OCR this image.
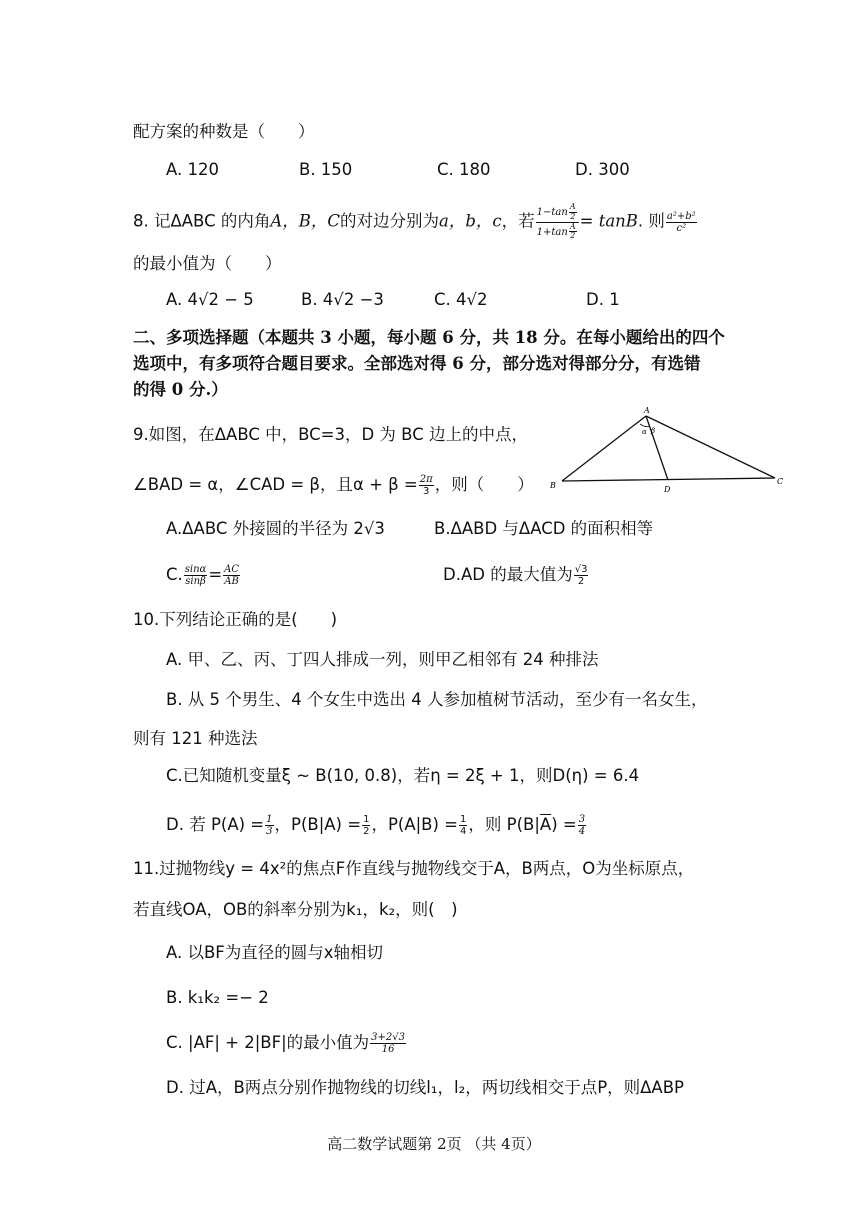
配方案的种数是（　　）
A. 120	B. 150	C. 180	D. 300
8. 记ΔABC 的内角A，B，C的对边分别为a，b，c，若 $\frac{1-\tan \frac{A}{2}}{1+\tan \frac{A}{2}} = \tan B$. 则 $\frac{\text{a²+b²}}{\text{c²}}$
的最小值为（　　）
A. 4√2 − 5	B. 4√2 −3	C. 4√2	D. 1
二、多项选择题（本题共 3 小题，每小题 6 分，共 18 分。在每小题给出的四个
选项中，有多项符合题目要求。全部选对得 6 分，部分选对得部分分，有选错
的得 0 分.）
9.如图，在ΔABC 中，BC=3，D 为 BC 边上的中点，
∠BAD = α，∠CAD = β，且$\alpha + \beta = \frac{2\pi}{3}$ ，则（　　）
A
B	C
D
α β
A.ΔABC 外接圆的半径为 2√3	B.ΔABD 与ΔACD 的面积相等
C. $\frac{\sin\alpha}{\sin\beta} = \frac{AC}{AB}$	D.AD 的最大值为 $\frac{√3}{2}$
10.下列结论正确的是(　　)
A. 甲、乙、丙、丁四人排成一列，则甲乙相邻有 24 种排法
B. 从 5 个男生、4 个女生中选出 4 人参加植树节活动，至少有一名女生，
则有 121 种选法
C.已知随机变量ξ ~ B(10, 0.8)，若η = 2ξ + 1，则D(η) = 6.4
D. 若 $P(A) = \frac{1}{3}$ ，$P(B|A) = \frac{1}{2}$ ，$P(A|B) = \frac{1}{4}$ ，则 $P(B|\overline{A}) = \frac{3}{4}$
11.过抛物线y = 4x²的焦点F作直线与抛物线交于A，B两点，O为坐标原点，
若直线OA，OB的斜率分别为k₁，k₂，则(　)
A. 以BF为直径的圆与x轴相切
B. k₁k₂ =− 2
C. |AF| + 2|BF|的最小值为 $\frac{3+2√3}{16}$
D. 过A，B两点分别作抛物线的切线l₁，l₂，两切线相交于点P，则ΔABP
高二数学试题第 2页 （共 4页）
